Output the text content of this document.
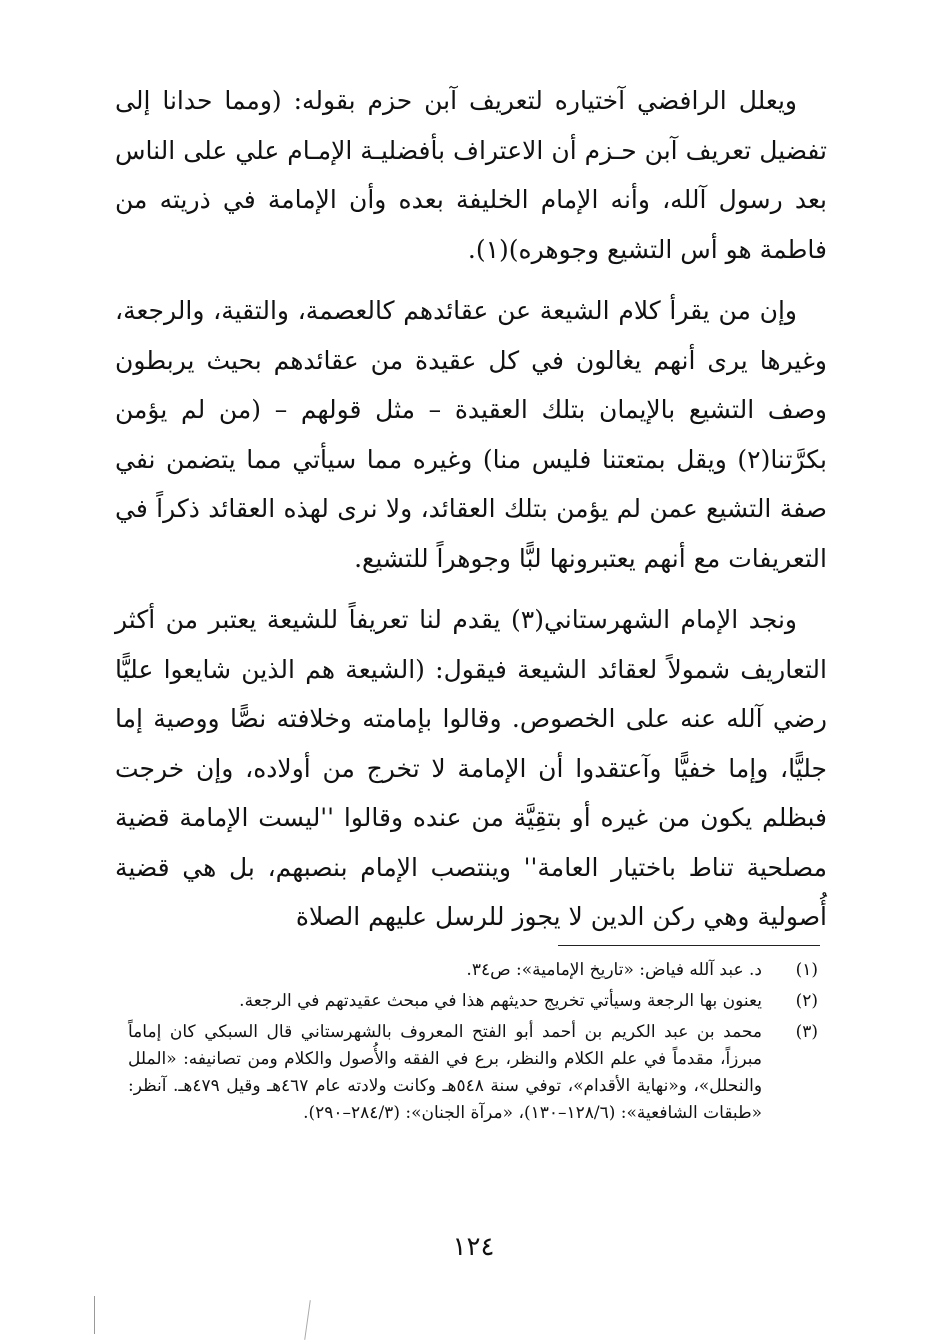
ويعلل الرافضي آختياره لتعريف آبن حزم بقوله: (ومما حدانا إلى تفضيل تعريف آبن حـزم أن الاعتراف بأفضليـة الإمـام علي على الناس بعد رسول آلله، وأنه الإمام الخليفة بعده وأن الإمامة في ذريته من فاطمة هو أس التشيع وجوهره)(١).

وإن من يقرأ كلام الشيعة عن عقائدهم كالعصمة، والتقية، والرجعة، وغيرها يرى أنهم يغالون في كل عقيدة من عقائدهم بحيث يربطون وصف التشيع بالإيمان بتلك العقيدة – مثل قولهم – (من لم يؤمن بكرَّتنا(٢) ويقل بمتعتنا فليس منا) وغيره مما سيأتي مما يتضمن نفي صفة التشيع عمن لم يؤمن بتلك العقائد، ولا نرى لهذه العقائد ذكراً في التعريفات مع أنهم يعتبرونها لبًّا وجوهراً للتشيع.

ونجد الإمام الشهرستاني(٣) يقدم لنا تعريفاً للشيعة يعتبر من أكثر التعاريف شمولاً لعقائد الشيعة فيقول: (الشيعة هم الذين شايعوا عليًّا رضي آلله عنه على الخصوص. وقالوا بإمامته وخلافته نصًّا ووصية إما جليًّا، وإما خفيًّا وآعتقدوا أن الإمامة لا تخرج من أولاده، وإن خرجت فبظلم يكون من غيره أو بتقِيَّة من عنده وقالوا ''ليست الإمامة قضية مصلحية تناط باختيار العامة'' وينتصب الإمام بنصبهم، بل هي قضية أُصولية وهي ركن الدين لا يجوز للرسل عليهم الصلاة

(١)
د. عبد آلله فياض: «تاريخ الإمامية»: ص٣٤.

(٢)
يعنون بها الرجعة وسيأتي تخريج حديثهم هذا في مبحث عقيدتهم في الرجعة.

(٣)
محمد بن عبد الكريم بن أحمد أبو الفتح المعروف بالشهرستاني قال السبكي كان إماماً مبرزاً، مقدماً في علم الكلام والنظر، برع في الفقه والأُصول والكلام ومن تصانيفه: «الملل والنحلل»، و«نهاية الأقدام»، توفي سنة ٥٤٨هـ وكانت ولادته عام ٤٦٧هـ وقيل ٤٧٩هـ. آنظر: «طبقات الشافعية»: (١٢٨/٦–١٣٠)، «مرآة الجنان»: (٢٨٤/٣–٢٩٠).

١٢٤
